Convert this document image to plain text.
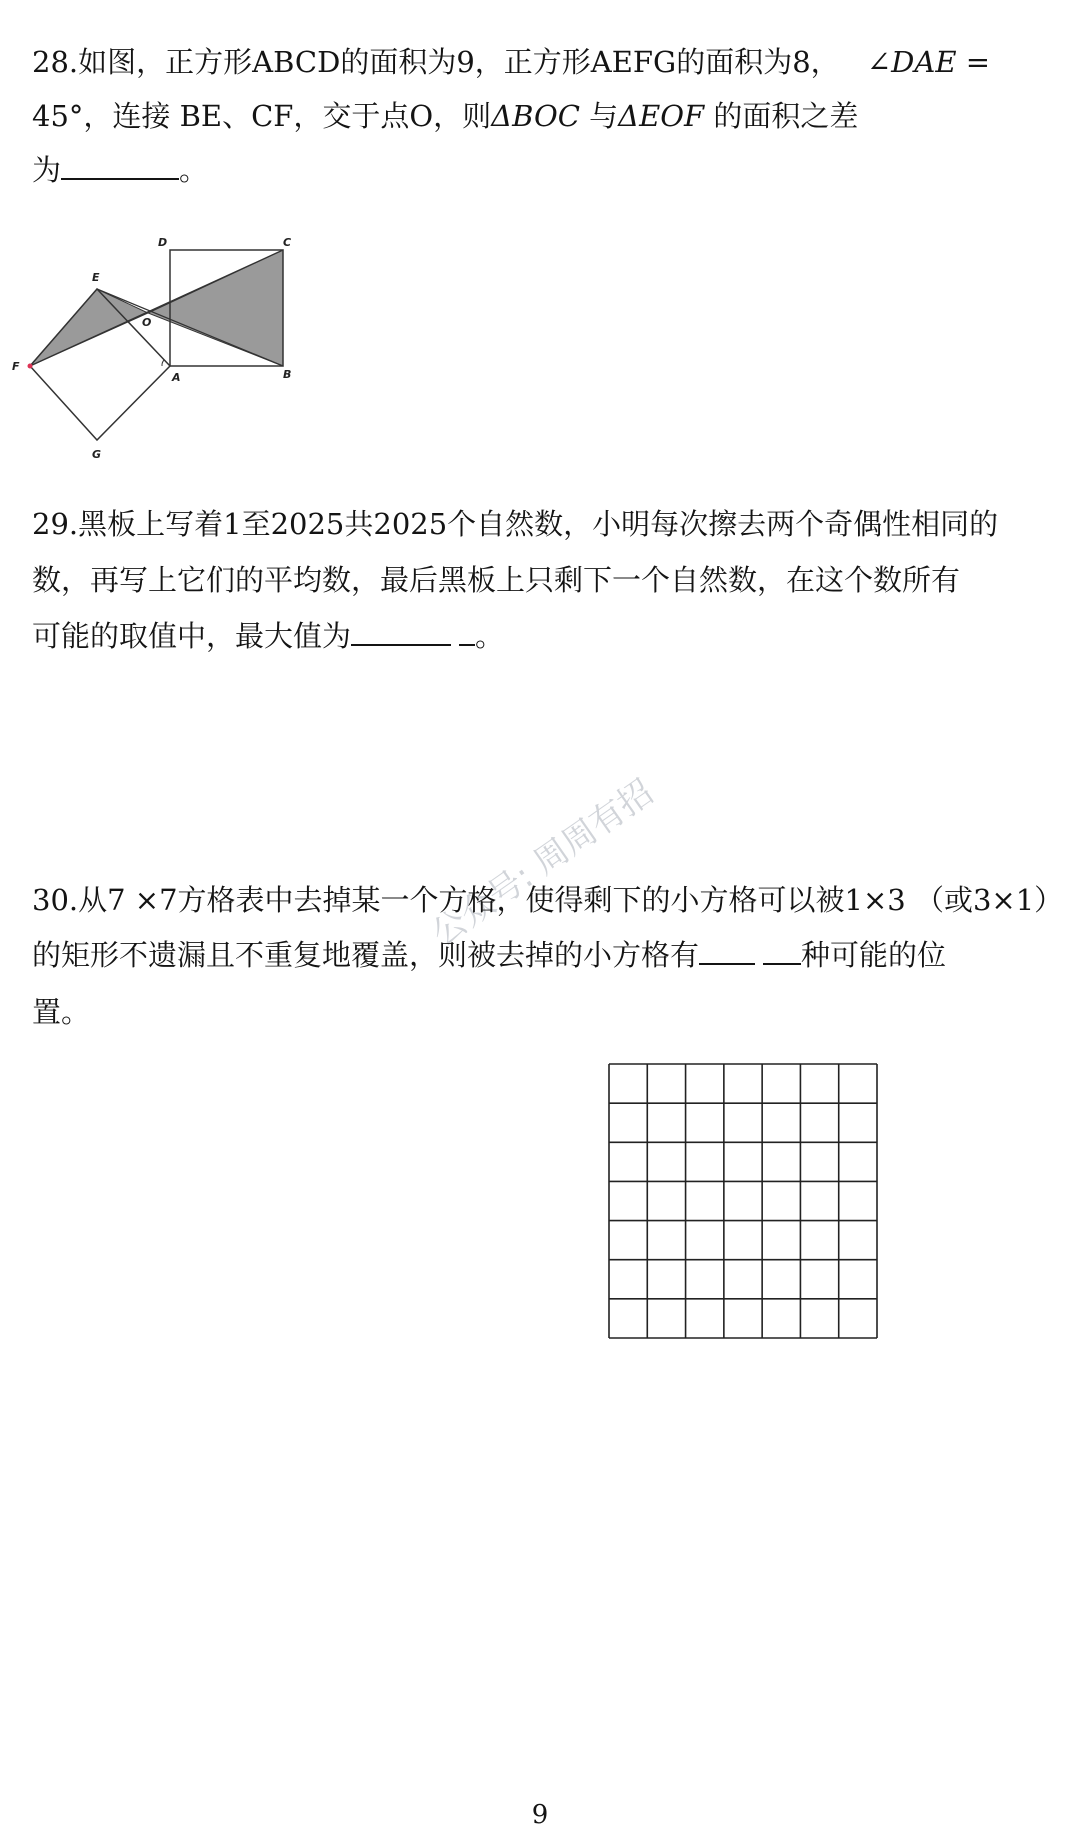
28.如图，正方形ABCD的面积为9，正方形AEFG的面积为8， ∠DAE =
45°，连接 BE、CF，交于点O，则ΔBOC 与ΔEOF 的面积之差
为	。
D	C
E
O
F
A	B
G
29.黑板上写着1至2025共2025个自然数，小明每次擦去两个奇偶性相同的
数，再写上它们的平均数，最后黑板上只剩下一个自然数，在这个数所有
可能的取值中，最大值为	。
公众号: 周周有招
30.从7 ×7方格表中去掉某一个方格，使得剩下的小方格可以被1×3 （或3×1）
的矩形不遗漏且不重复地覆盖，则被去掉的小方格有	种可能的位
置。
9
